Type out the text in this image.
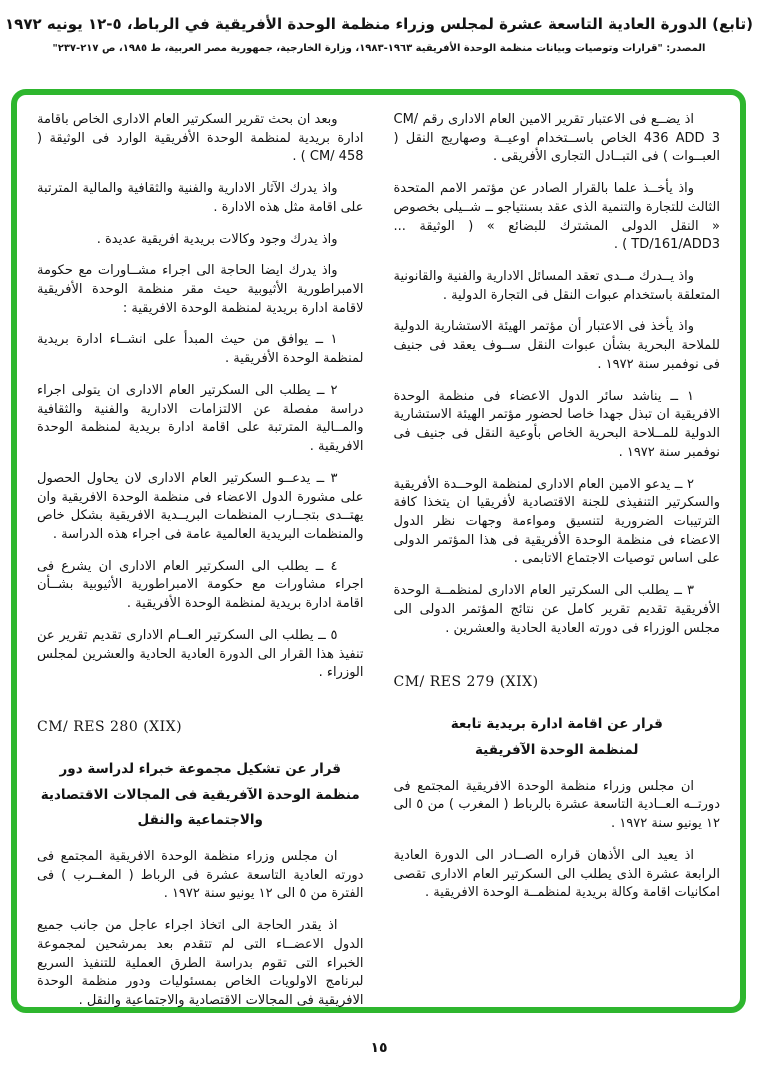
(تابع) الدورة العادية التاسعة عشرة لمجلس وزراء منظمة الوحدة الأفريقية في الرباط، ٥-١٢ يونيه ١٩٧٢
المصدر: "قرارات وتوصيات وبيانات منظمة الوحدة الأفريقية ١٩٦٣-١٩٨٣، وزارة الخارجية، جمهورية مصر العربية، ط ١٩٨٥، ص ٢١٧-٢٣٧"

اذ يضــع فى الاعتبار تقرير الامين العام الادارى رقم CM/ 436 ADD 3 الخاص باســتخدام اوعيــة وصهاريج النقل ( العبــوات ) فى التبــادل التجارى الأفريقى .

واذ يأخــذ علما بالقرار الصادر عن مؤتمر الامم المتحدة الثالث للتجارة والتنمية الذى عقد بسنتياجو ــ شــيلى بخصوص « النقل الدولى المشترك للبضائع » ( الوثيقة ... TD/161/ADD3 ) .

واذ يــدرك مــدى تعقد المسائل الادارية والفنية والقانونية المتعلقة باستخدام عبوات النقل فى التجارة الدولية .

واذ يأخذ فى الاعتبار أن مؤتمر الهيئة الاستشارية الدولية للملاحة البحرية بشأن عبوات النقل ســوف يعقد فى جنيف فى نوفمبر سنة ١٩٧٢ .

١ ــ يناشد سائر الدول الاعضاء فى منظمة الوحدة الافريقية ان تبذل جهدا خاصا لحضور مؤتمر الهيئة الاستشارية الدولية للمــلاحة البحرية الخاص بأوعية النقل فى جنيف فى نوفمبر سنة ١٩٧٢ .

٢ ــ يدعو الامين العام الادارى لمنظمة الوحــدة الأفريقية والسكرتير التنفيذى للجنة الاقتصادية لأفريقيا ان يتخذا كافة الترتيبات الضرورية لتنسيق ومواءمة وجهات نظر الدول الاعضاء فى منظمة الوحدة الأفريقية فى هذا المؤتمر الدولى على اساس توصيات الاجتماع الاتابمى .

٣ ــ يطلب الى السكرتير العام الادارى لمنظمــة الوحدة الأفريقية تقديم تقرير كامل عن نتائج المؤتمر الدولى الى مجلس الوزراء فى دورته العادية الحادية والعشرين .

CM/ RES 279 (XIX)
قرار عن اقامة ادارة بريدية تابعة
لمنظمة الوحدة الآفريقية

ان مجلس وزراء منظمة الوحدة الافريقية المجتمع فى دورتــه العــادية التاسعة عشرة بالرباط ( المغرب ) من ٥ الى ١٢ يونيو سنة ١٩٧٢ .

اذ يعيد الى الأذهان قراره الصــادر الى الدورة العادية الرابعة عشرة الذى يطلب الى السكرتير العام الادارى تقصى امكانيات اقامة وكالة بريدية لمنظمــة الوحدة الافريقية .

وبعد ان بحث تقرير السكرتير العام الادارى الخاص باقامة ادارة بريدية لمنظمة الوحدة الأفريقية الوارد فى الوثيقة ( CM/ 458 ) .

واذ يدرك الآثار الادارية والفنية والثقافية والمالية المترتبة على اقامة مثل هذه الادارة .

واذ يدرك وجود وكالات بريدية افريقية عديدة .

واذ يدرك ايضا الحاجة الى اجراء مشــاورات مع حكومة الامبراطورية الأثيوبية حيث مقر منظمة الوحدة الأفريقية لاقامة ادارة بريدية لمنظمة الوحدة الافريقية :

١ ــ يوافق من حيث المبدأ على انشــاء ادارة بريدية لمنظمة الوحدة الأفريقية .

٢ ــ يطلب الى السكرتير العام الادارى ان يتولى اجراء دراسة مفصلة عن الالتزامات الادارية والفنية والثقافية والمــالية المترتبة على اقامة ادارة بريدية لمنظمة الوحدة الافريقية .

٣ ــ يدعــو السكرتير العام الادارى لان يحاول الحصول على مشورة الدول الاعضاء فى منظمة الوحدة الافريقية وان يهتــدى بتجــارب المنظمات البريــدية الافريقية بشكل خاص والمنظمات البريدية العالمية عامة فى اجراء هذه الدراسة .

٤ ــ يطلب الى السكرتير العام الادارى ان يشرع فى اجراء مشاورات مع حكومة الامبراطورية الأثيوبية بشــأن اقامة ادارة بريدية لمنظمة الوحدة الأفريقية .

٥ ــ يطلب الى السكرتير العــام الادارى تقديم تقرير عن تنفيذ هذا القرار الى الدورة العادية الحادية والعشرين لمجلس الوزراء .

CM/ RES 280 (XIX)
قرار عن تشكيل مجموعة خبراء لدراسة دور
منظمة الوحدة الآفريقية فى المجالات الاقتصادية
والاجتماعية والنقل

ان مجلس وزراء منظمة الوحدة الافريقية المجتمع فى دورته العادية التاسعة عشرة فى الرباط ( المغــرب ) فى الفترة من ٥ الى ١٢ يونيو سنة ١٩٧٢ .

اذ يقدر الحاجة الى اتخاذ اجراء عاجل من جانب جميع الدول الاعضــاء التى لم تتقدم بعد بمرشحين لمجموعة الخبراء التى تقوم بدراسة الطرق العملية للتنفيذ السريع لبرنامج الاولويات الخاص بمسئوليات ودور منظمة الوحدة الافريقية فى المجالات الاقتصادية والاجتماعية والنقل .

١٥
